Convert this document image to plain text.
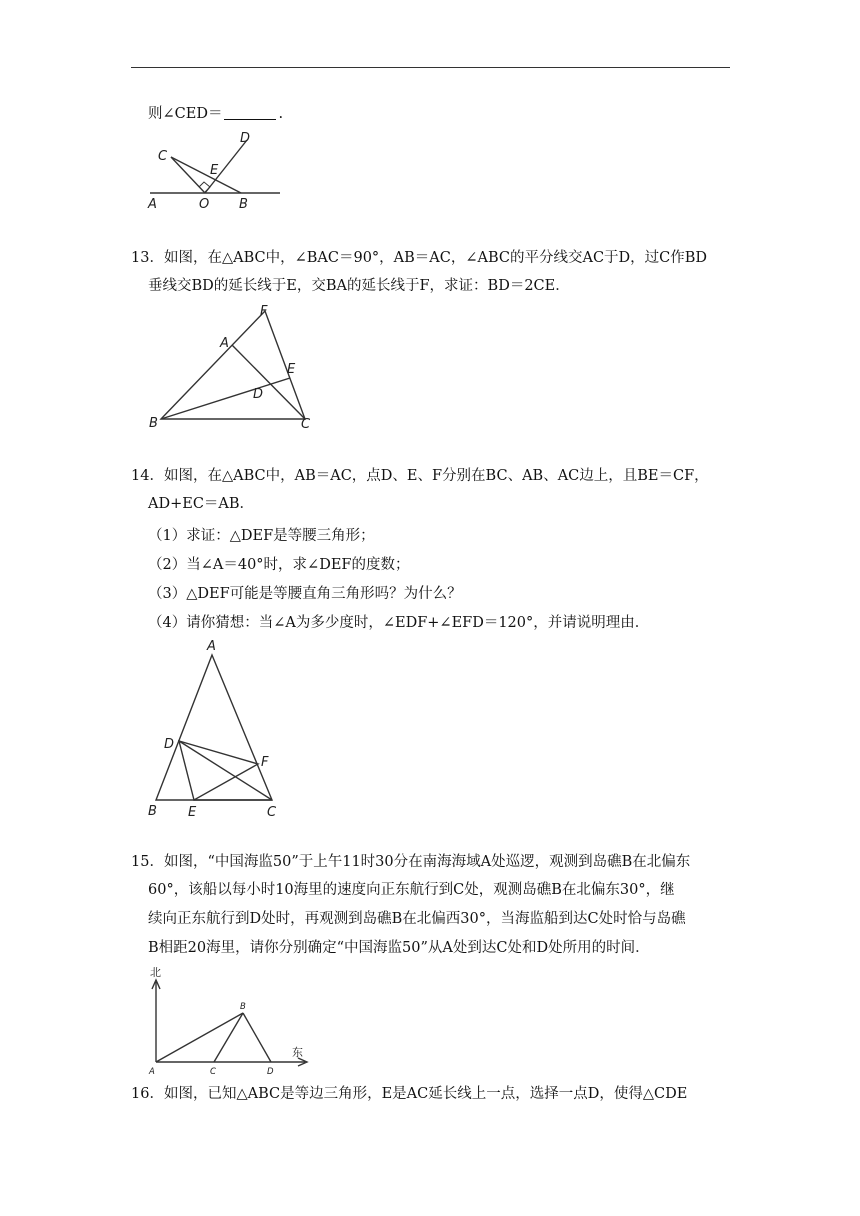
则∠CED＝	.
C
D
E
A	O B
13．如图，在△ABC中，∠BAC＝90°，AB＝AC，∠ABC的平分线交AC于D，过C作BD
垂线交BD的延长线于E，交BA的延长线于F，求证：BD＝2CE．
F
A
E
D
B	C
14．如图，在△ABC中，AB＝AC，点D、E、F分别在BC、AB、AC边上，且BE＝CF，
AD+EC＝AB．
（1）求证：△DEF是等腰三角形；
（2）当∠A＝40°时，求∠DEF的度数；
（3）△DEF可能是等腰直角三角形吗？为什么？
（4）请你猜想：当∠A为多少度时，∠EDF+∠EFD＝120°，并请说明理由．
A
D
F
B E	C
15．如图，“中国海监50”于上午11时30分在南海海域A处巡逻，观测到岛礁B在北偏东
60°，该船以每小时10海里的速度向正东航行到C处，观测岛礁B在北偏东30°，继
续向正东航行到D处时，再观测到岛礁B在北偏西30°，当海监船到达C处时恰与岛礁
B相距20海里，请你分别确定“中国海监50”从A处到达C处和D处所用的时间．
北
东
B
A	C	D
16．如图，已知△ABC是等边三角形，E是AC延长线上一点，选择一点D，使得△CDE
